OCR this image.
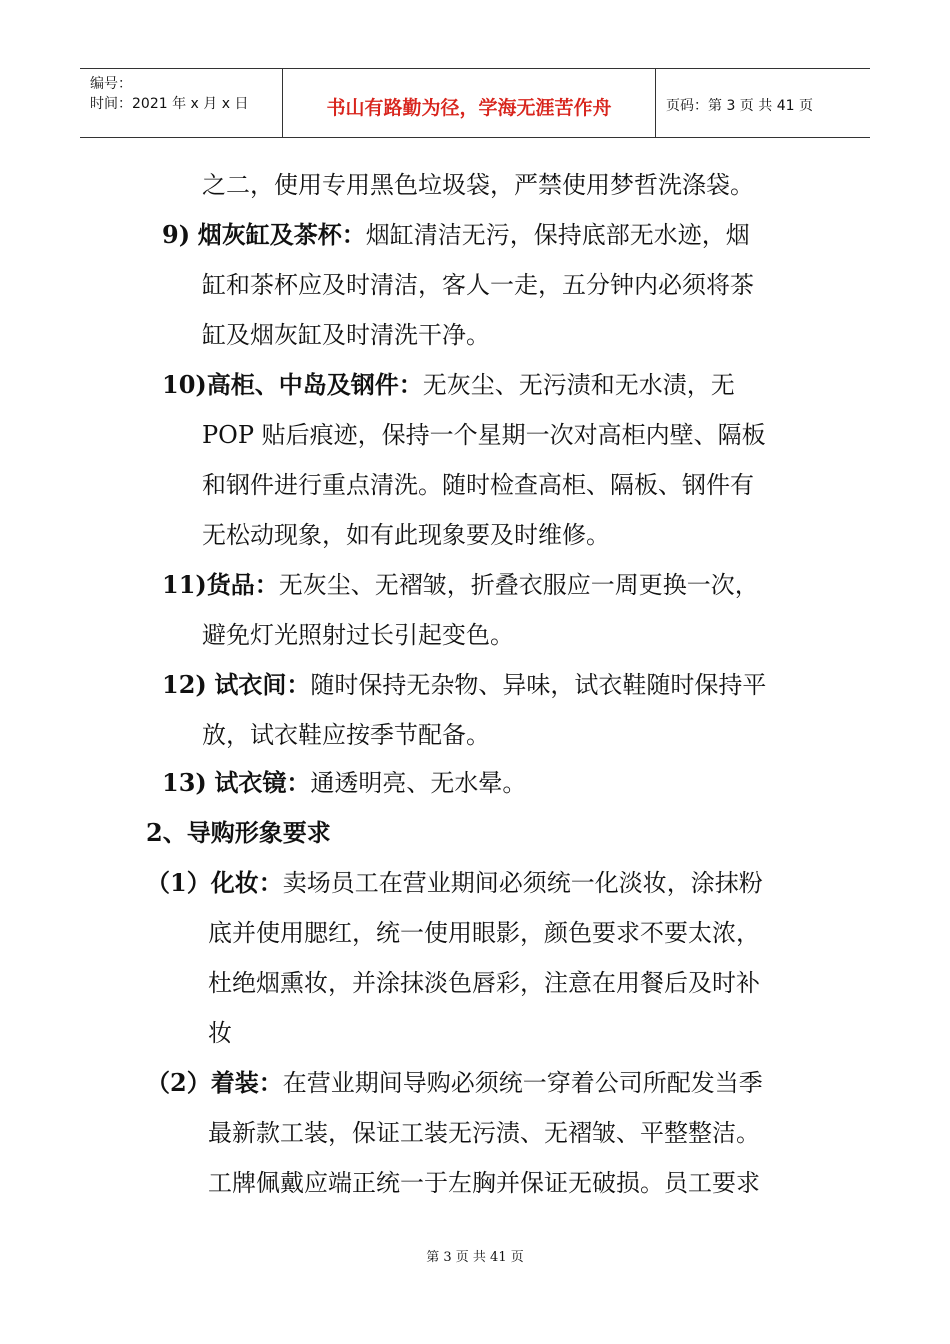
编号：
时间：2021 年 x 月 x 日	书山有路勤为径，学海无涯苦作舟	页码：第 3 页 共 41 页
之二，使用专用黑色垃圾袋，严禁使用梦哲洗涤袋。
9) 烟灰缸及茶杯：烟缸清洁无污，保持底部无水迹，烟
缸和茶杯应及时清洁，客人一走，五分钟内必须将茶
缸及烟灰缸及时清洗干净。
10)高柜、中岛及钢件：无灰尘、无污渍和无水渍，无
POP 贴后痕迹，保持一个星期一次对高柜内壁、隔板
和钢件进行重点清洗。随时检查高柜、隔板、钢件有
无松动现象，如有此现象要及时维修。
11)货品：无灰尘、无褶皱，折叠衣服应一周更换一次，
避免灯光照射过长引起变色。
12) 试衣间：随时保持无杂物、异味，试衣鞋随时保持平
放，试衣鞋应按季节配备。
13) 试衣镜：通透明亮、无水晕。
2、导购形象要求
（1）化妆：卖场员工在营业期间必须统一化淡妆，涂抹粉
底并使用腮红，统一使用眼影，颜色要求不要太浓，
杜绝烟熏妆，并涂抹淡色唇彩，注意在用餐后及时补
妆
（2）着装：在营业期间导购必须统一穿着公司所配发当季
最新款工装，保证工装无污渍、无褶皱、平整整洁。
工牌佩戴应端正统一于左胸并保证无破损。员工要求
第 3 页 共 41 页
